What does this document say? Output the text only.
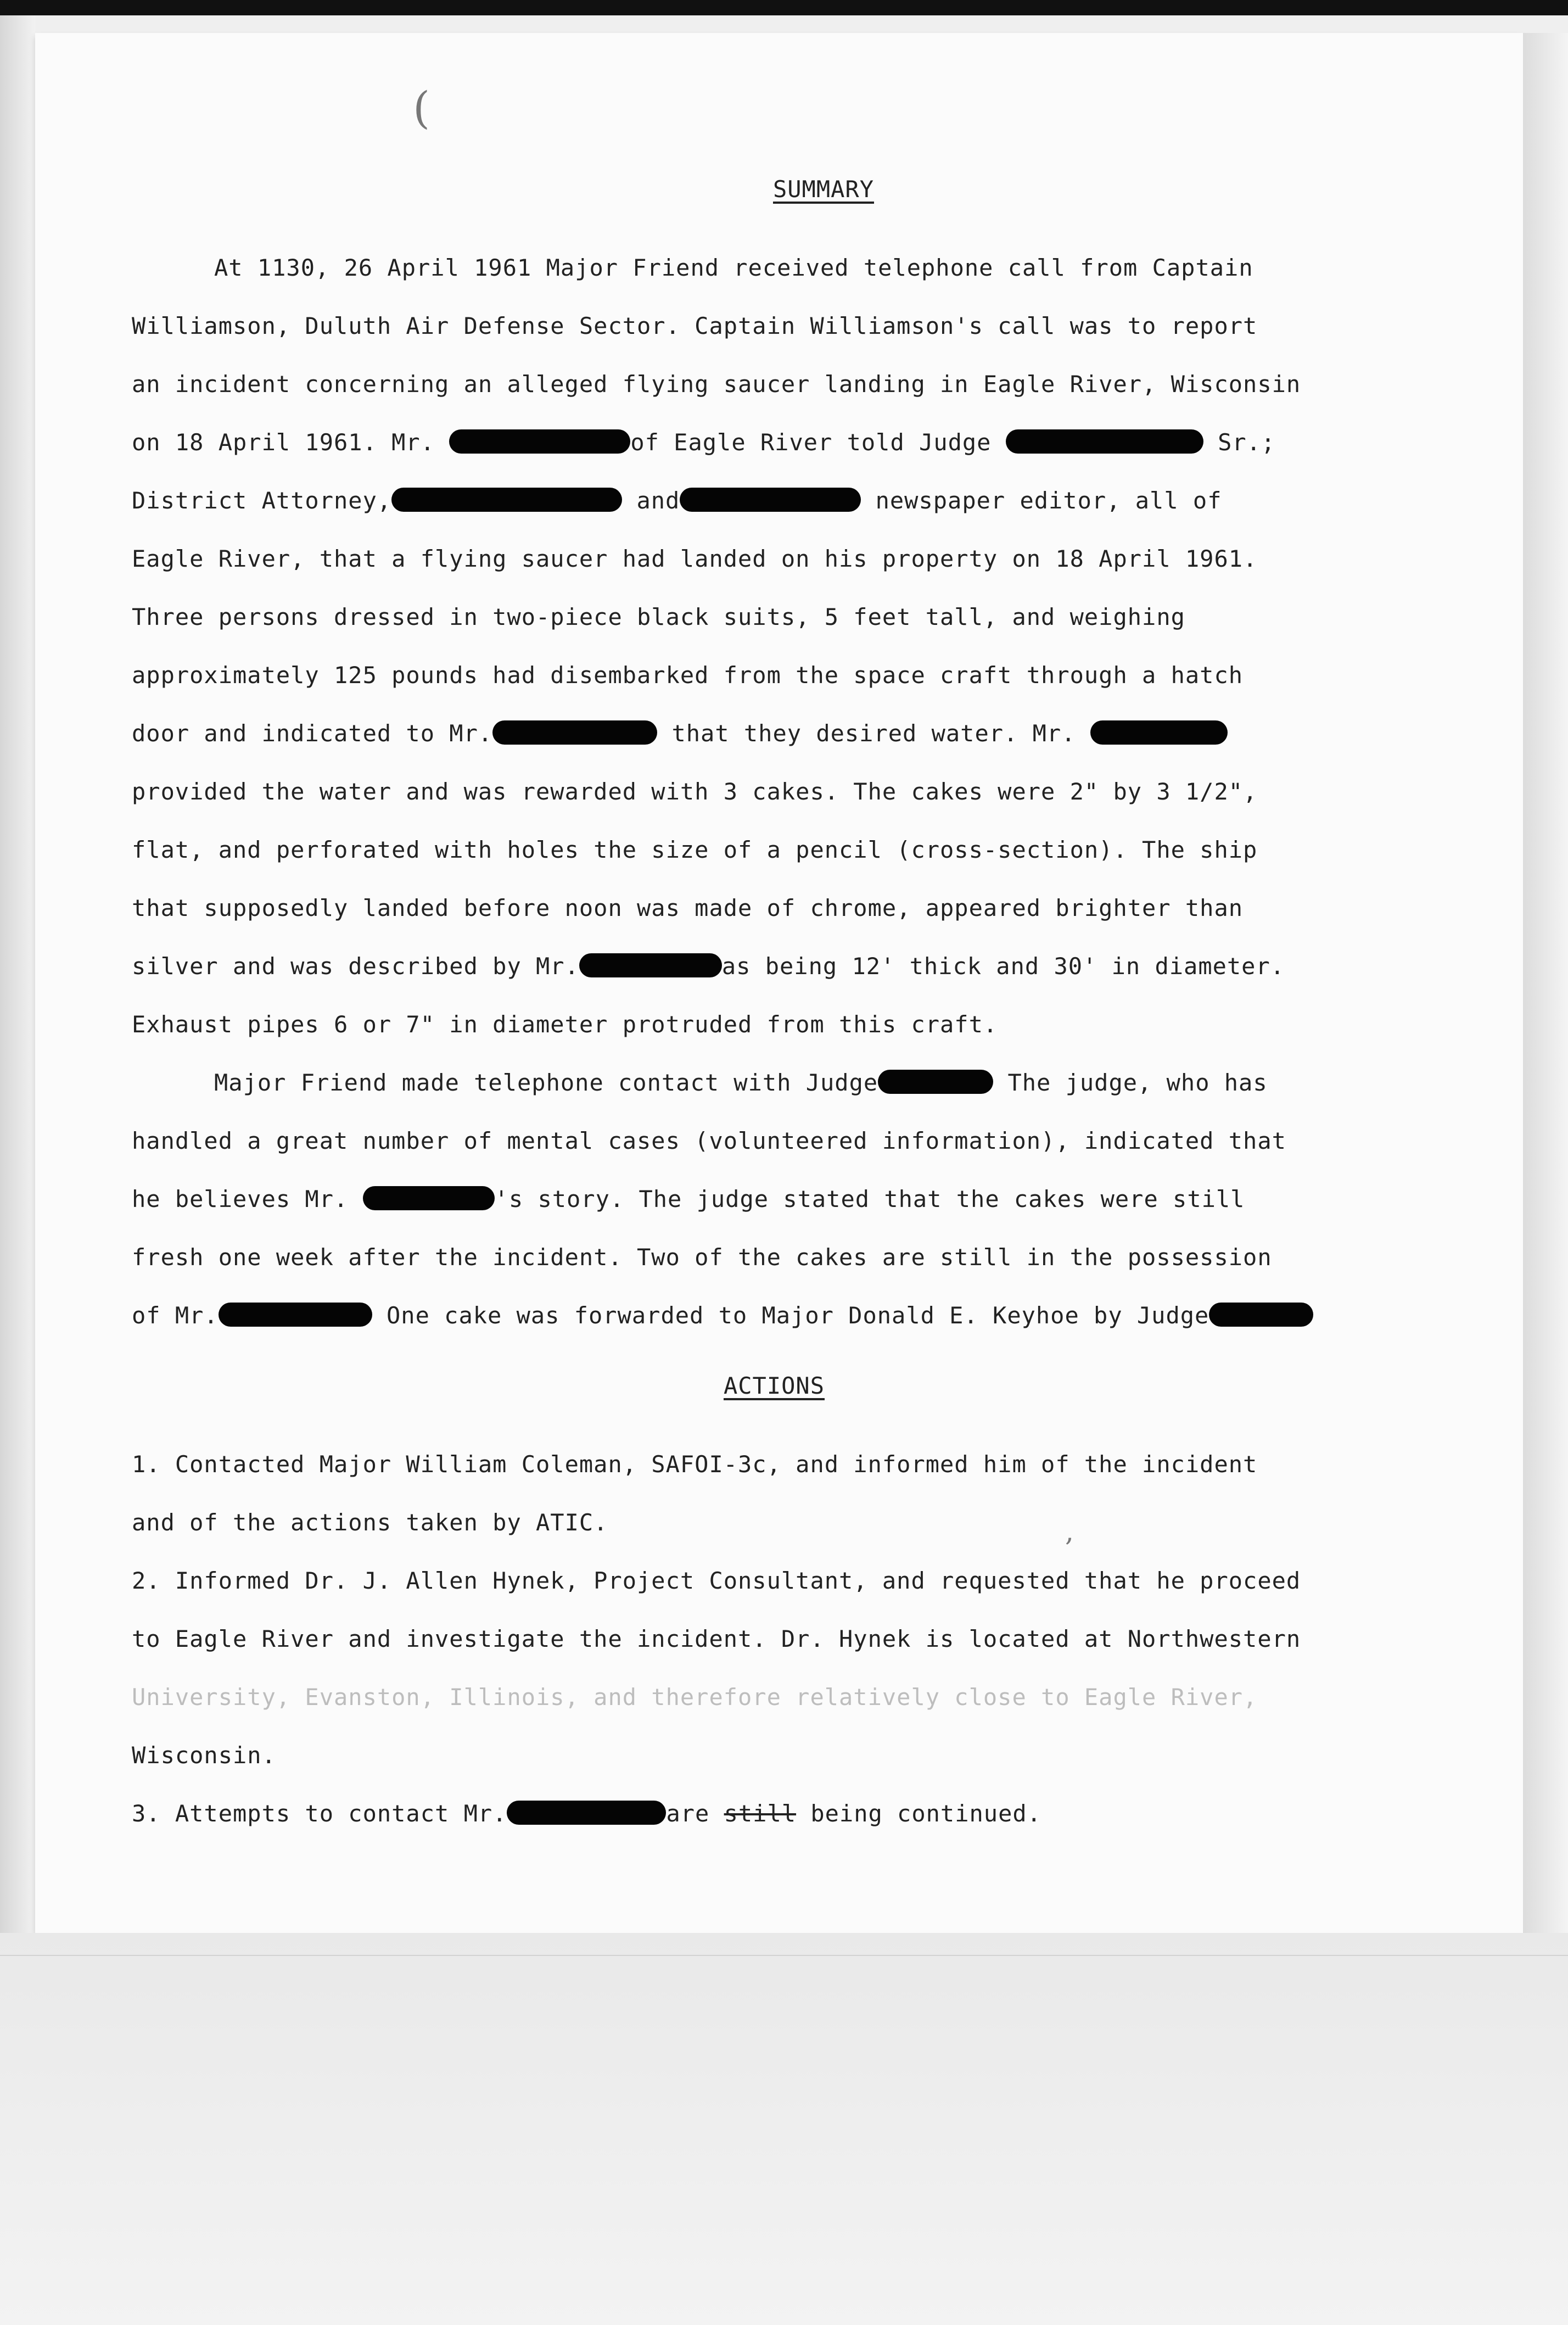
(
,
SUMMARY

At 1130, 26 April 1961 Major Friend received telephone call from Captain
Williamson, Duluth Air Defense Sector. Captain Williamson's call was to report
an incident concerning an alleged flying saucer landing in Eagle River, Wisconsin
on 18 April 1961. Mr.	of Eagle River told Judge	Sr.;
District Attorney,	and	newspaper editor, all of
Eagle River, that a flying saucer had landed on his property on 18 April 1961.
Three persons dressed in two-piece black suits, 5 feet tall, and weighing
approximately 125 pounds had disembarked from the space craft through a hatch
door and indicated to Mr.	that they desired water. Mr.
provided the water and was rewarded with 3 cakes. The cakes were 2" by 3 1/2",
flat, and perforated with holes the size of a pencil (cross-section). The ship
that supposedly landed before noon was made of chrome, appeared brighter than
silver and was described by Mr.	as being 12' thick and 30' in diameter.
Exhaust pipes 6 or 7" in diameter protruded from this craft.

Major Friend made telephone contact with Judge	The judge, who has
handled a great number of mental cases (volunteered information), indicated that
he believes Mr.	's story. The judge stated that the cakes were still
fresh one week after the incident. Two of the cakes are still in the possession
of Mr.	One cake was forwarded to Major Donald E. Keyhoe by Judge

ACTIONS

1. Contacted Major William Coleman, SAFOI-3c, and informed him of the incident
and of the actions taken by ATIC.

2. Informed Dr. J. Allen Hynek, Project Consultant, and requested that he proceed
to Eagle River and investigate the incident. Dr. Hynek is located at Northwestern
University, Evanston, Illinois, and therefore relatively close to Eagle River,
Wisconsin.

3. Attempts to contact Mr.	are still being continued.
